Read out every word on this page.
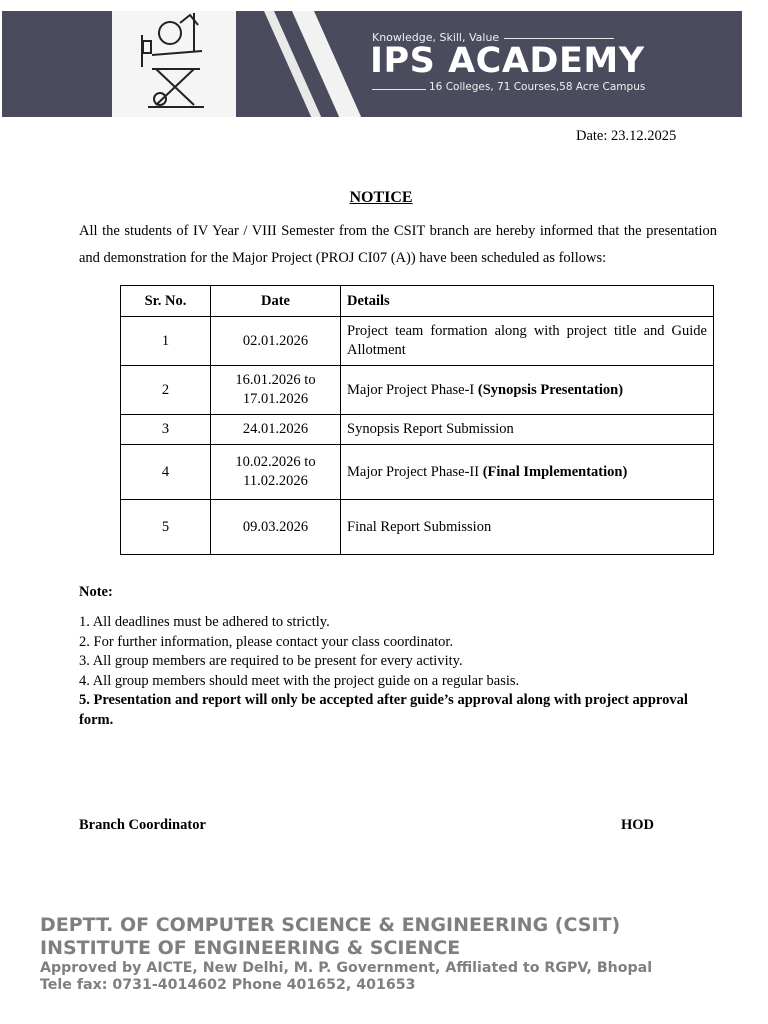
Knowledge, Skill, Value
IPS ACADEMY
16 Colleges, 71 Courses,58 Acre Campus
Date: 23.12.2025
NOTICE

All the students of IV Year / VIII Semester from the CSIT branch are hereby informed that the presentation and demonstration for the Major Project (PROJ CI07 (A)) have been scheduled as follows:

Sr. No.	Date	Details
1	02.01.2026	Project team formation along with project title and Guide Allotment
2	16.01.2026 to 17.01.2026	Major Project Phase-I (Synopsis Presentation)
3	24.01.2026	Synopsis Report Submission
4	10.02.2026 to 11.02.2026	Major Project Phase-II (Final Implementation)
5	09.03.2026	Final Report Submission
Note:
1. All deadlines must be adhered to strictly.
2. For further information, please contact your class coordinator.
3. All group members are required to be present for every activity.
4. All group members should meet with the project guide on a regular basis.
5. Presentation and report will only be accepted after guide’s approval along with project approval form.
Branch Coordinator	HOD
DEPTT. OF COMPUTER SCIENCE & ENGINEERING (CSIT)
INSTITUTE OF ENGINEERING & SCIENCE
Approved by AICTE, New Delhi, M. P. Government, Affiliated to RGPV, Bhopal
Tele fax: 0731-4014602 Phone 401652, 401653
